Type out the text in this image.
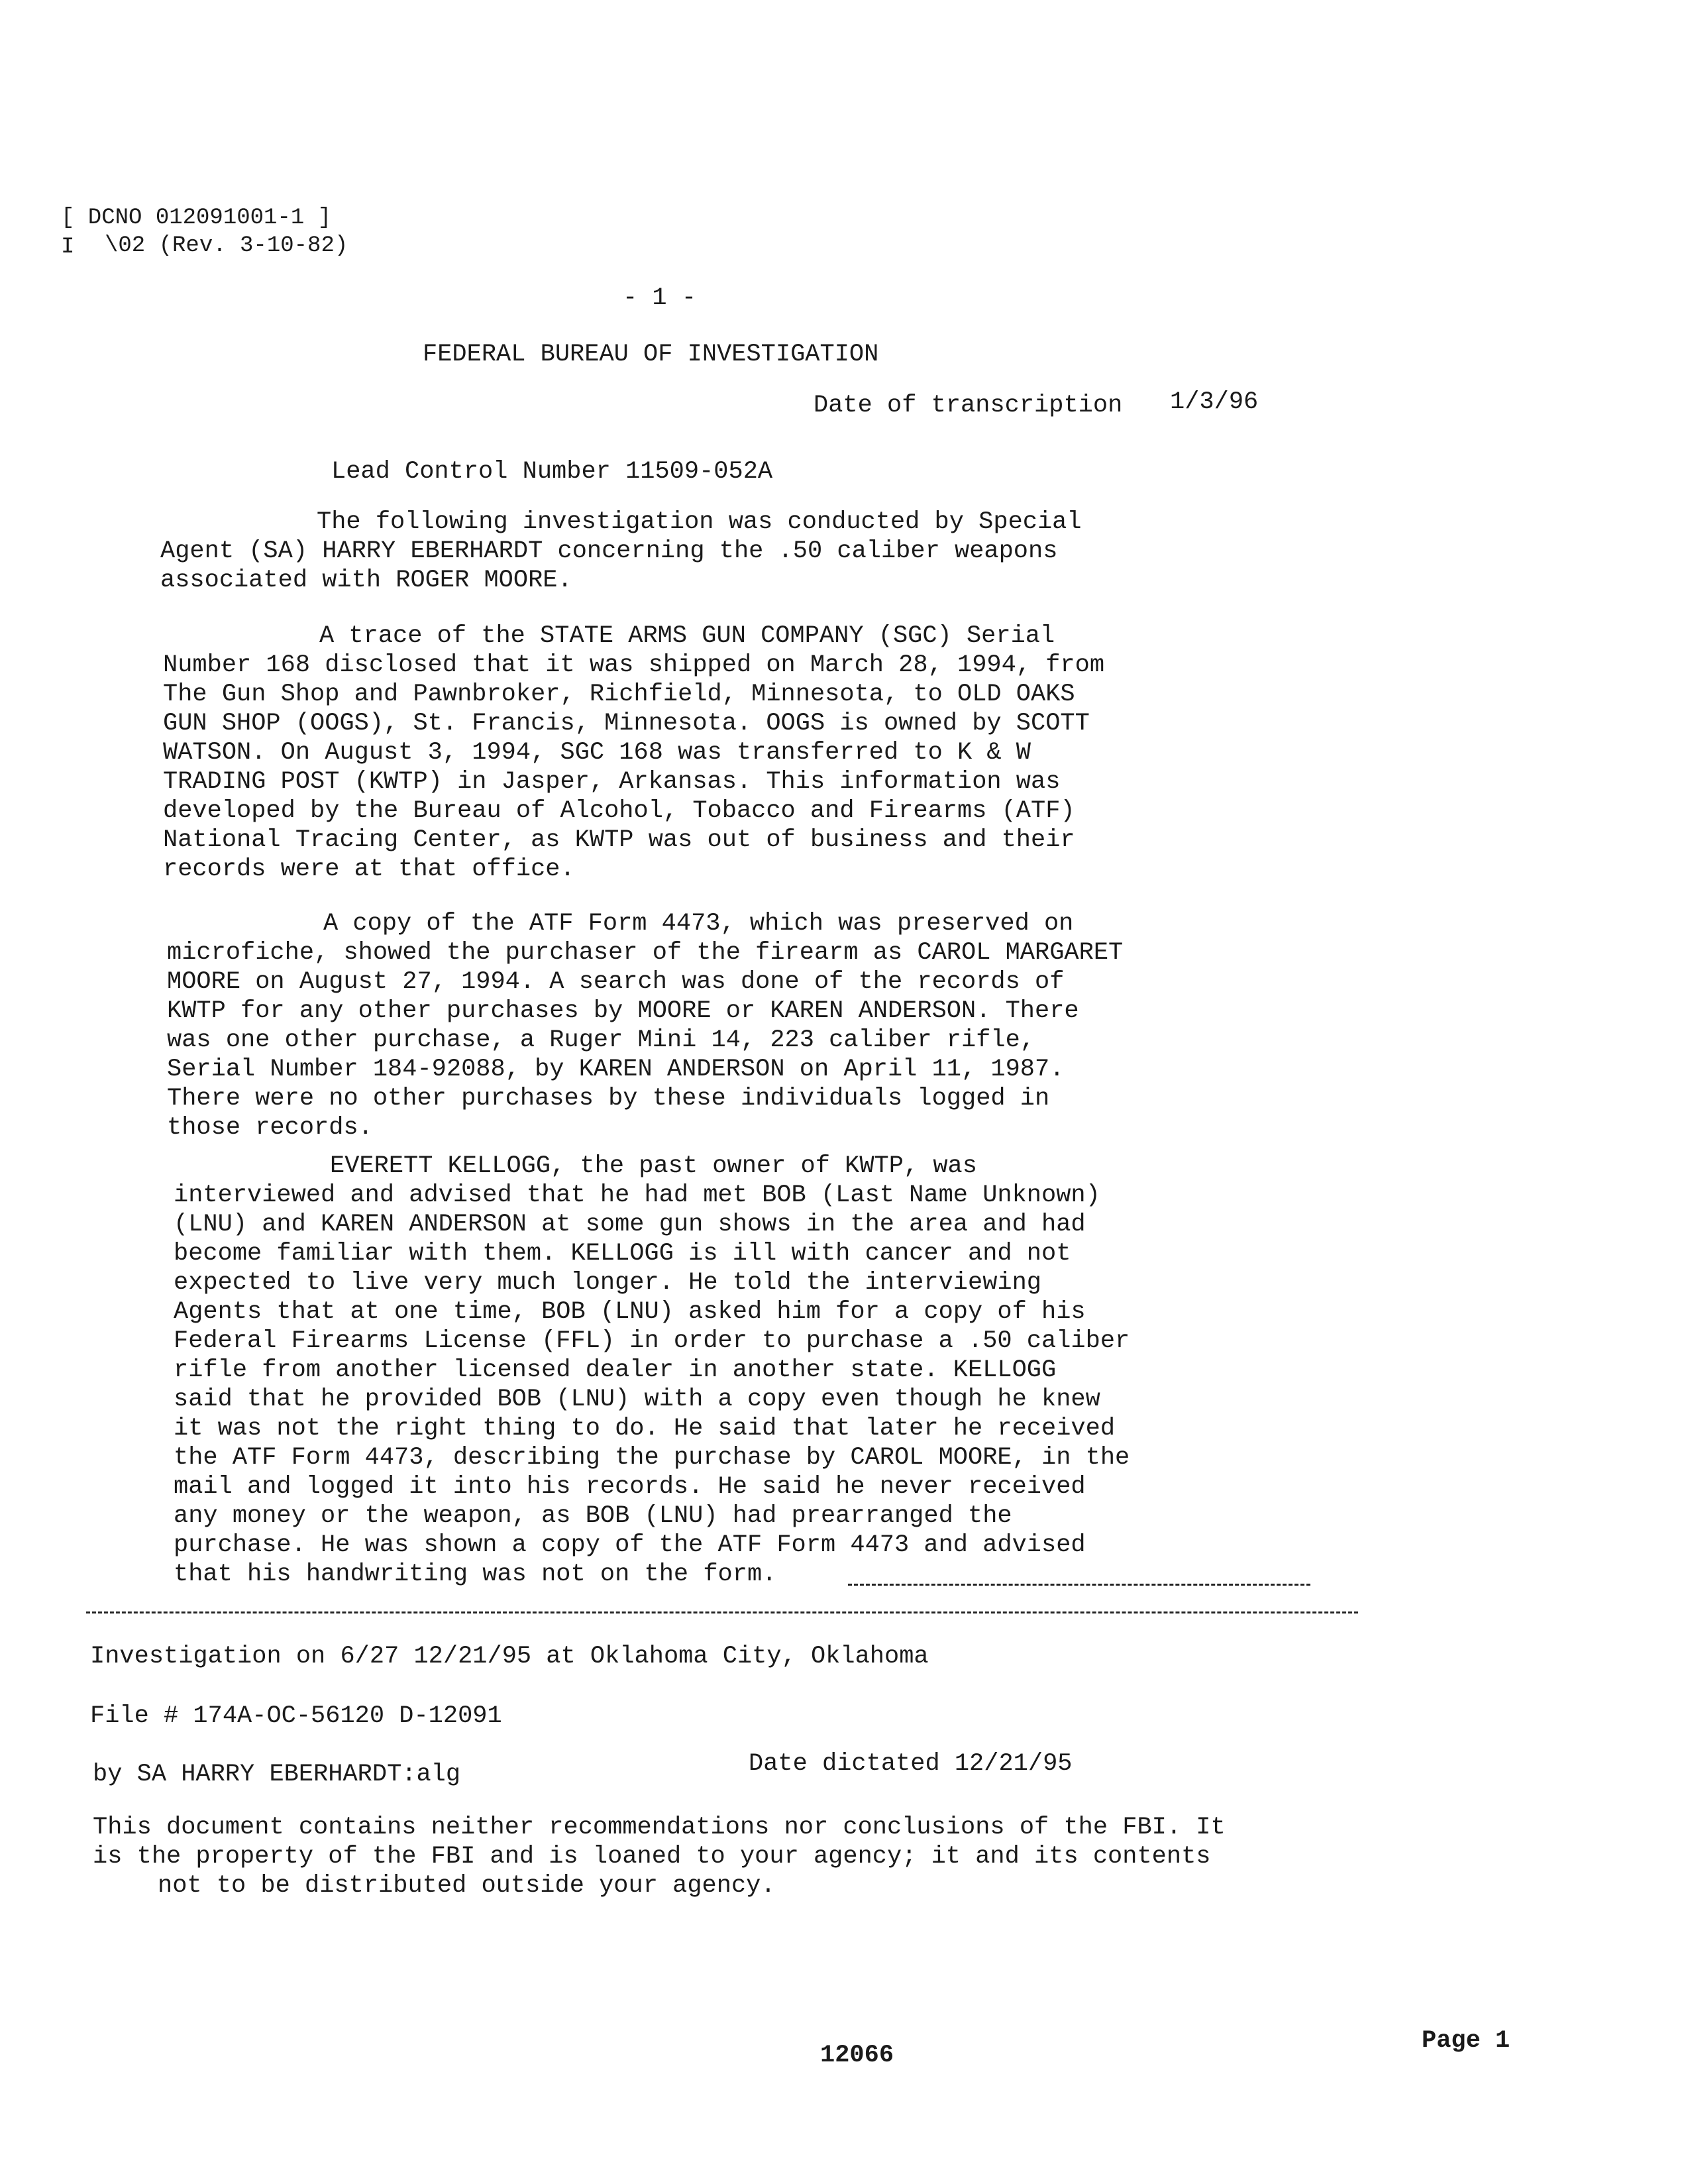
[ DCNO 012091001-1 ]
I \02 (Rev. 3-10-82)
- 1 -
FEDERAL BUREAU OF INVESTIGATION
Date of transcription 1/3/96
Lead Control Number 11509-052A
The following investigation was conducted by Special
Agent (SA) HARRY EBERHARDT concerning the .50 caliber weapons
associated with ROGER MOORE.
A trace of the STATE ARMS GUN COMPANY (SGC) Serial
Number 168 disclosed that it was shipped on March 28, 1994, from
The Gun Shop and Pawnbroker, Richfield, Minnesota, to OLD OAKS
GUN SHOP (OOGS), St. Francis, Minnesota. OOGS is owned by SCOTT
WATSON. On August 3, 1994, SGC 168 was transferred to K & W
TRADING POST (KWTP) in Jasper, Arkansas. This information was
developed by the Bureau of Alcohol, Tobacco and Firearms (ATF)
National Tracing Center, as KWTP was out of business and their
records were at that office.
A copy of the ATF Form 4473, which was preserved on
microfiche, showed the purchaser of the firearm as CAROL MARGARET
MOORE on August 27, 1994. A search was done of the records of
KWTP for any other purchases by MOORE or KAREN ANDERSON. There
was one other purchase, a Ruger Mini 14, 223 caliber rifle,
Serial Number 184-92088, by KAREN ANDERSON on April 11, 1987.
There were no other purchases by these individuals logged in
those records.
EVERETT KELLOGG, the past owner of KWTP, was
interviewed and advised that he had met BOB (Last Name Unknown)
(LNU) and KAREN ANDERSON at some gun shows in the area and had
become familiar with them. KELLOGG is ill with cancer and not
expected to live very much longer. He told the interviewing
Agents that at one time, BOB (LNU) asked him for a copy of his
Federal Firearms License (FFL) in order to purchase a .50 caliber
rifle from another licensed dealer in another state. KELLOGG
said that he provided BOB (LNU) with a copy even though he knew
it was not the right thing to do. He said that later he received
the ATF Form 4473, describing the purchase by CAROL MOORE, in the
mail and logged it into his records. He said he never received
any money or the weapon, as BOB (LNU) had prearranged the
purchase. He was shown a copy of the ATF Form 4473 and advised
that his handwriting was not on the form.
Investigation on 6/27 12/21/95 at Oklahoma City, Oklahoma
File # 174A-OC-56120 D-12091
by SA HARRY EBERHARDT:alg	Date dictated 12/21/95
This document contains neither recommendations nor conclusions of the FBI. It
is the property of the FBI and is loaned to your agency; it and its contents
not to be distributed outside your agency.
12066
Page 1
